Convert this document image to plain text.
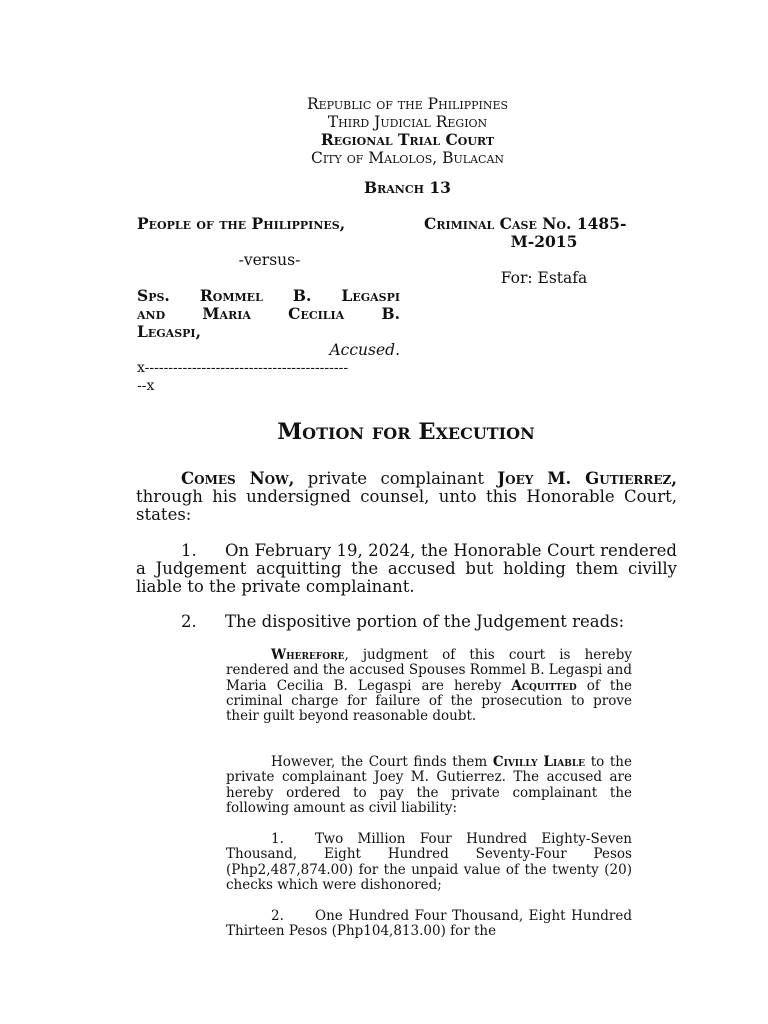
Republic of the Philippines
Third Judicial Region
Regional Trial Court
City of Malolos, Bulacan
Branch 13
People of the Philippines,
-versus-
Sps. Rommel B. Legaspi
and Maria Cecilia B.
Legaspi,
Accused.
x-------------------------------------------
--x
Criminal Case No. 1485-
M-2015
For: Estafa
Motion for Execution
Comes Now, private complainant Joey M. Gutierrez, through his undersigned counsel, unto this Honorable Court, states:
1. On February 19, 2024, the Honorable Court rendered a Judgement acquitting the accused but holding them civilly liable to the private complainant.
2. The dispositive portion of the Judgement reads:
Wherefore, judgment of this court is hereby rendered and the accused Spouses Rommel B. Legaspi and Maria Cecilia B. Legaspi are hereby Acquitted of the criminal charge for failure of the prosecution to prove their guilt beyond reasonable doubt.
However, the Court finds them Civilly Liable to the private complainant Joey M. Gutierrez. The accused are hereby ordered to pay the private complainant the following amount as civil liability:
1. Two Million Four Hundred Eighty-Seven Thousand, Eight Hundred Seventy-Four Pesos (Php2,487,874.00) for the unpaid value of the twenty (20) checks which were dishonored;
2. One Hundred Four Thousand, Eight Hundred Thirteen Pesos (Php104,813.00) for the
